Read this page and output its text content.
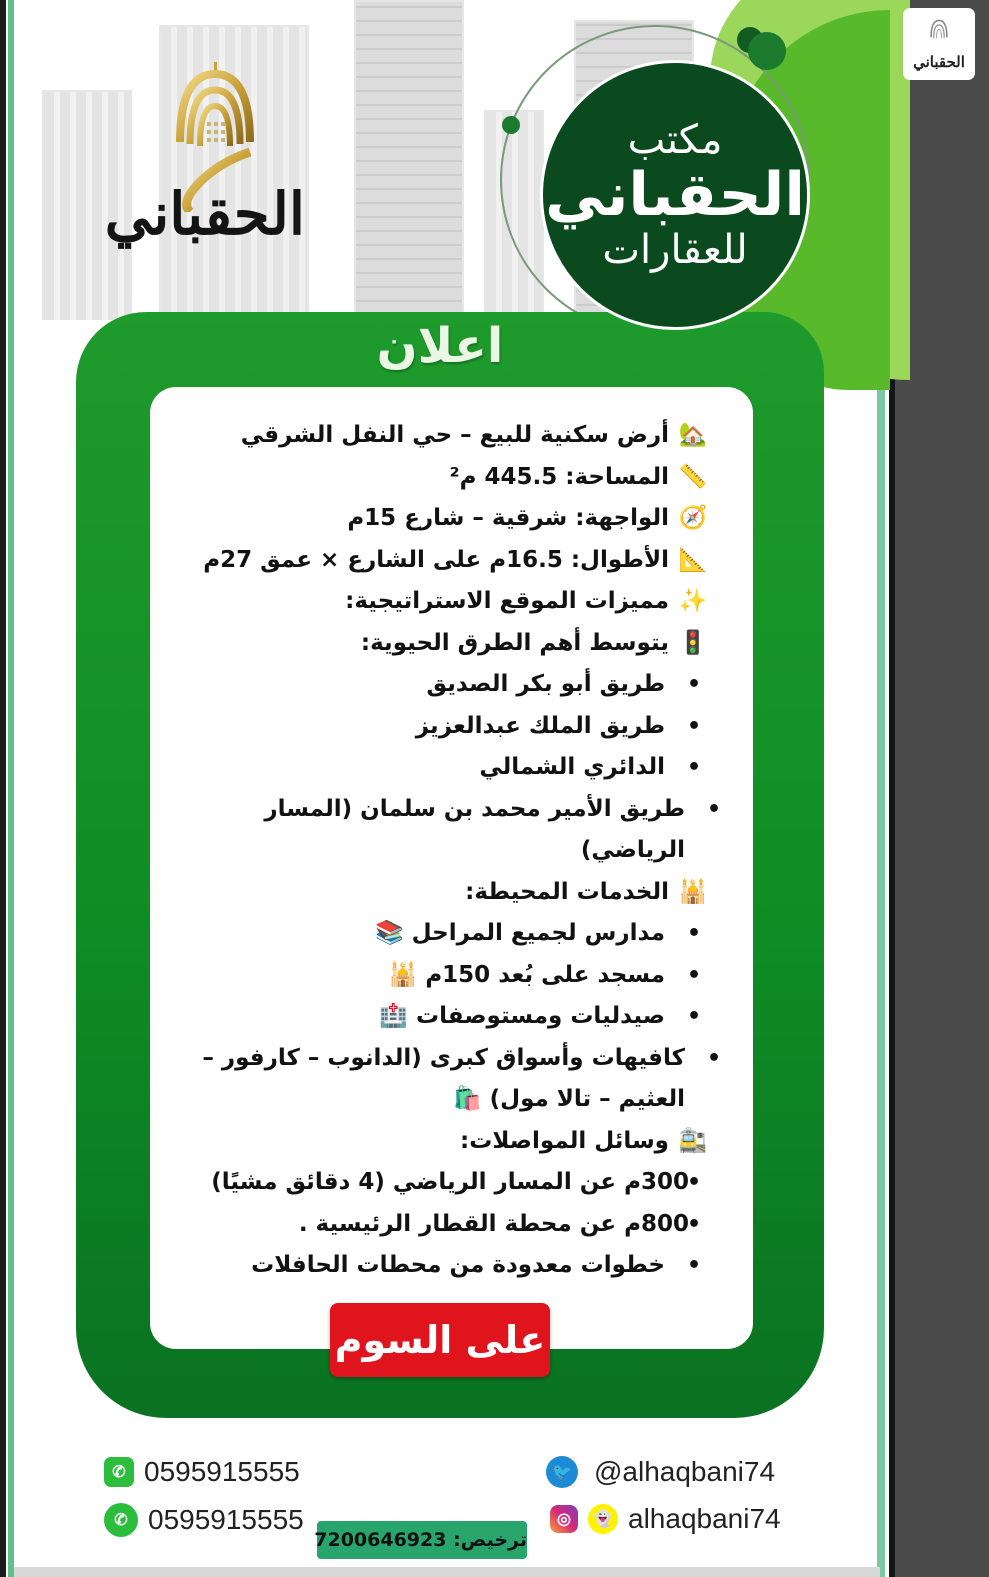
الحقباني
مكتب
الحقباني
للعقارات
اعلان
🏡 أرض سكنية للبيع – حي النفل الشرقي
📏 المساحة: 445.5 م²
🧭 الواجهة: شرقية – شارع 15م
📐 الأطوال: 16.5م على الشارع × عمق 27م
✨ مميزات الموقع الاستراتيجية:
🚦 يتوسط أهم الطرق الحيوية:
• طريق أبو بكر الصديق
• طريق الملك عبدالعزيز
• الدائري الشمالي
• طريق الأمير محمد بن سلمان (المسار الرياضي)
🕌 الخدمات المحيطة:
• مدارس لجميع المراحل 📚
• مسجد على بُعد 150م 🕌
• صيدليات ومستوصفات 🏥
• كافيهات وأسواق كبرى (الدانوب – كارفور – العثيم – تالا مول) 🛍️
🚉 وسائل المواصلات:
• 300م عن المسار الرياضي (4 دقائق مشيًا)
• 800م عن محطة القطار الرئيسية .
• خطوات معدودة من محطات الحافلات
على السوم
✆ 0595915555
✆ 0595915555
🐦 @alhaqbani74
◎	👻 alhaqbani74
ترخيص: 7200646923
الحقباني
